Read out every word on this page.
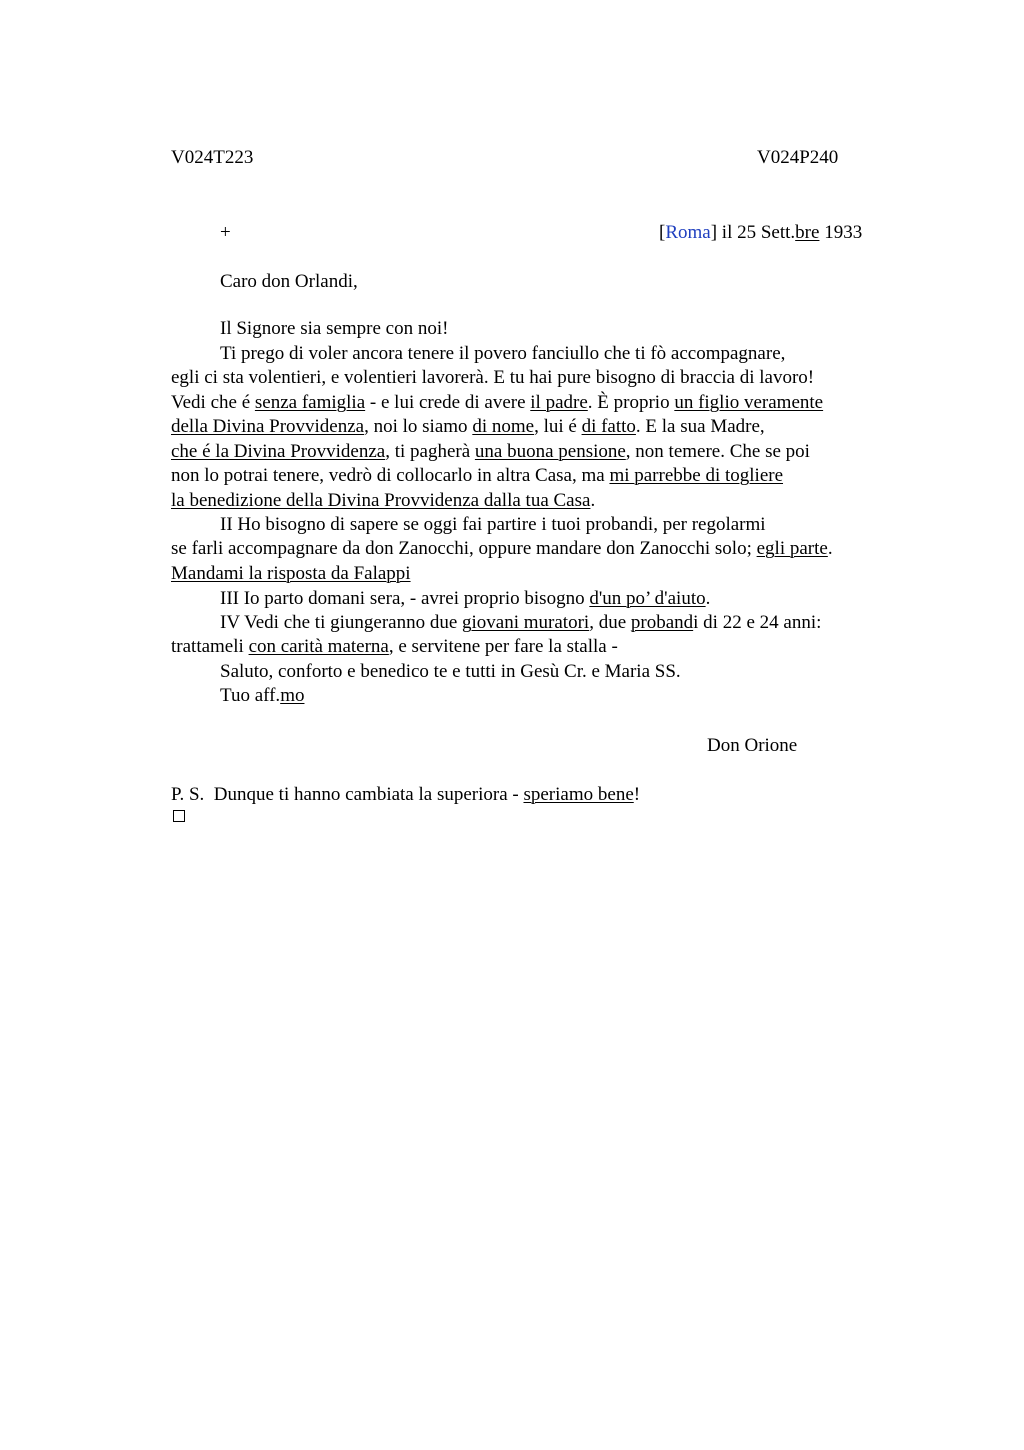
V024T223	V024P240
+	[Roma] il 25 Sett.bre 1933
Caro don Orlandi,
Il Signore sia sempre con noi!
Ti prego di voler ancora tenere il povero fanciullo che ti fò accompagnare,
egli ci sta volentieri, e volentieri lavorerà. E tu hai pure bisogno di braccia di lavoro!
Vedi che é senza famiglia - e lui crede di avere il padre. È proprio un figlio veramente
della Divina Provvidenza, noi lo siamo di nome, lui é di fatto. E la sua Madre,
che é la Divina Provvidenza, ti pagherà una buona pensione, non temere. Che se poi
non lo potrai tenere, vedrò di collocarlo in altra Casa, ma mi parrebbe di togliere
la benedizione della Divina Provvidenza dalla tua Casa.
II Ho bisogno di sapere se oggi fai partire i tuoi probandi, per regolarmi
se farli accompagnare da don Zanocchi, oppure mandare don Zanocchi solo; egli parte.
Mandami la risposta da Falappi
III Io parto domani sera, - avrei proprio bisogno d'un po’ d'aiuto.
IV Vedi che ti giungeranno due giovani muratori, due probandi di 22 e 24 anni:
trattameli con carità materna, e servitene per fare la stalla -
Saluto, conforto e benedico te e tutti in Gesù Cr. e Maria SS.
Tuo aff.mo
Don Orione
P. S. Dunque ti hanno cambiata la superiora - speriamo bene!
